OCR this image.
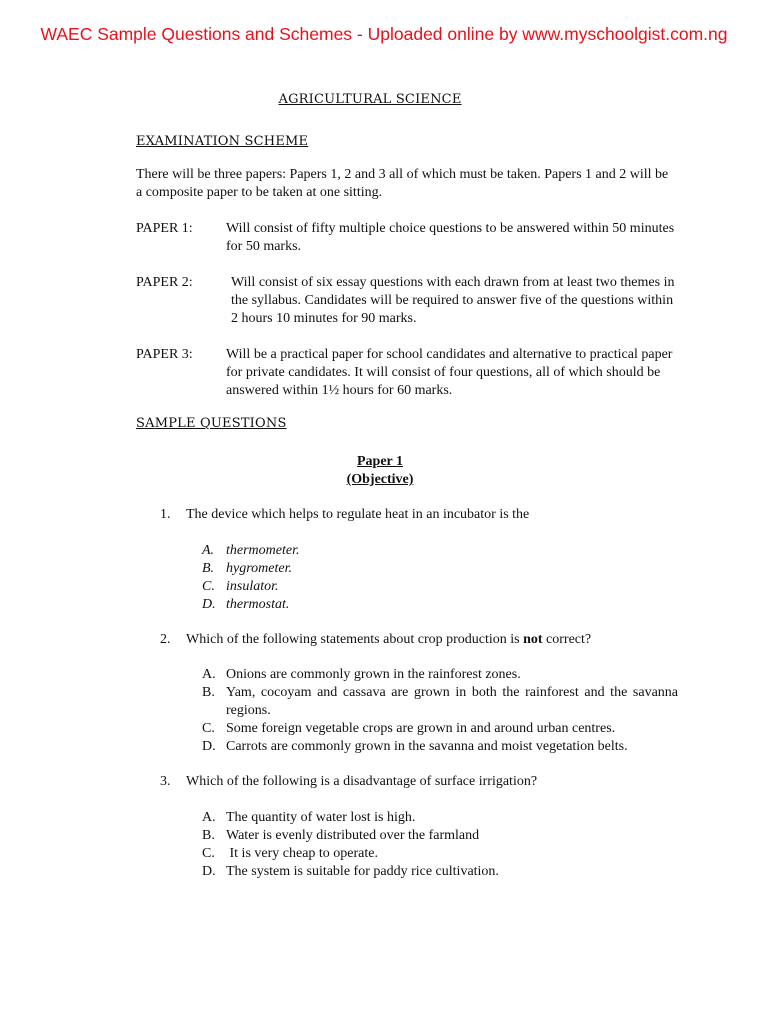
WAEC Sample Questions and Schemes - Uploaded online by www.myschoolgist.com.ng
AGRICULTURAL SCIENCE
EXAMINATION SCHEME
There will be three papers: Papers 1, 2 and 3 all of which must be taken. Papers 1 and 2 will be a composite paper to be taken at one sitting.
PAPER 1: Will consist of fifty multiple choice questions to be answered within 50 minutes for 50 marks.
PAPER 2:	Will consist of six essay questions with each drawn from at least two themes in the syllabus. Candidates will be required to answer five of the questions within 2 hours 10 minutes for 90 marks.
PAPER 3: Will be a practical paper for school candidates and alternative to practical paper for private candidates. It will consist of four questions, all of which should be answered within 1½ hours for 60 marks.
SAMPLE QUESTIONS
Paper 1
(Objective)
1. The device which helps to regulate heat in an incubator is the
A. thermometer.
B. hygrometer.
C. insulator.
D. thermostat.
2. Which of the following statements about crop production is not correct?
A. Onions are commonly grown in the rainforest zones.
B. Yam, cocoyam and cassava are grown in both the rainforest and the savanna regions.
C. Some foreign vegetable crops are grown in and around urban centres.
D. Carrots are commonly grown in the savanna and moist vegetation belts.
3. Which of the following is a disadvantage of surface irrigation?
A. The quantity of water lost is high.
B. Water is evenly distributed over the farmland
C. It is very cheap to operate.
D. The system is suitable for paddy rice cultivation.
